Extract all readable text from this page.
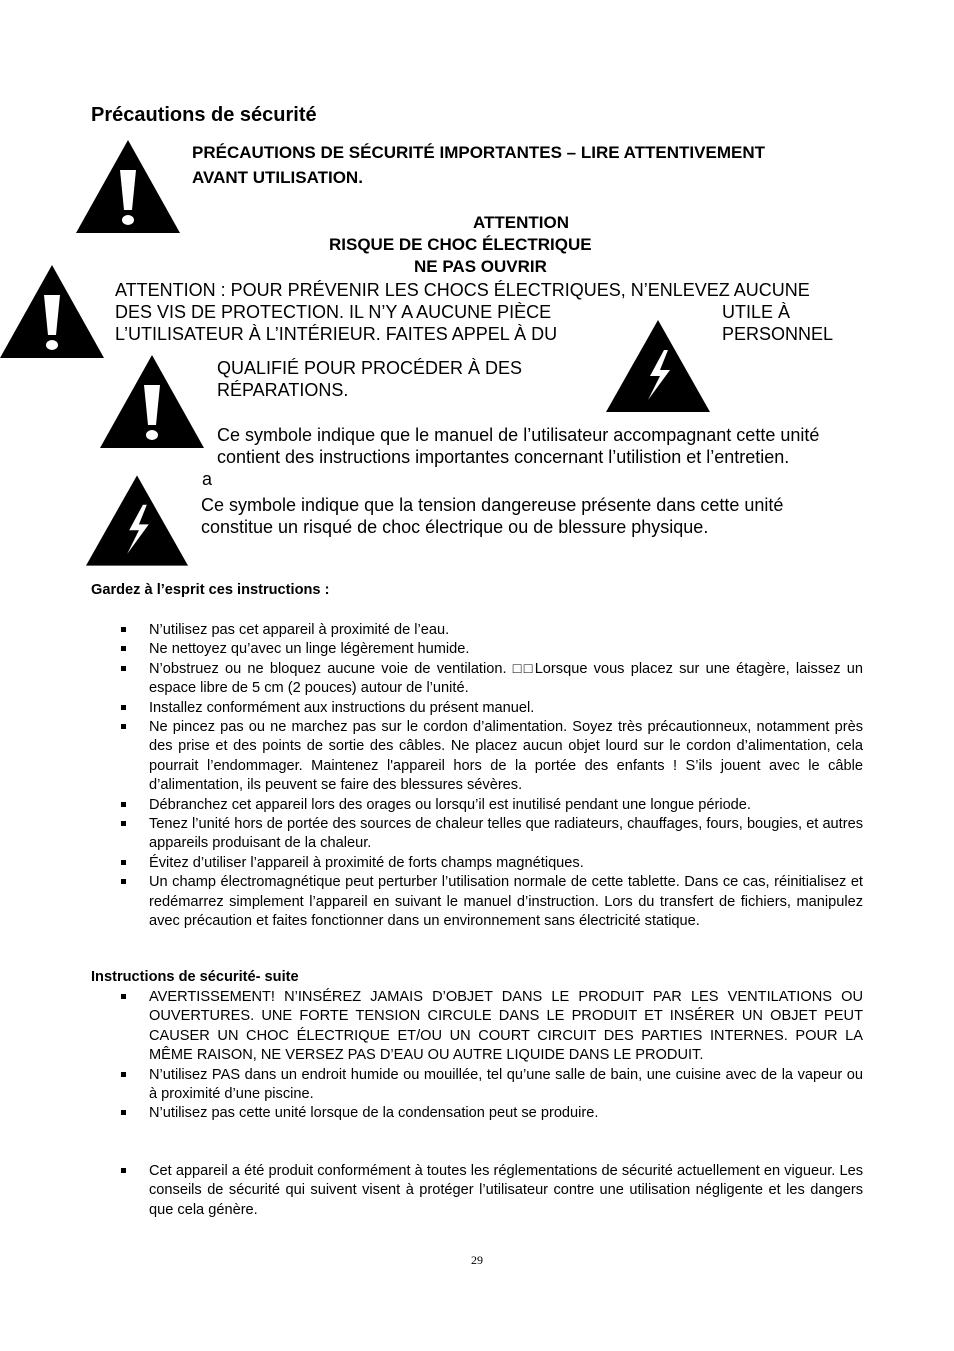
Précautions de sécurité
PRÉCAUTIONS DE SÉCURITÉ IMPORTANTES – LIRE ATTENTIVEMENT
AVANT UTILISATION.
ATTENTION
RISQUE DE CHOC ÉLECTRIQUE
NE PAS OUVRIR
ATTENTION : POUR PRÉVENIR LES CHOCS ÉLECTRIQUES, N’ENLEVEZ AUCUNE
DES VIS DE PROTECTION. IL N’Y A AUCUNE PIÈCE	UTILE À
L’UTILISATEUR À L’INTÉRIEUR. FAITES APPEL À DU	PERSONNEL
QUALIFIÉ POUR PROCÉDER À DES
RÉPARATIONS.
Ce symbole indique que le manuel de l’utilisateur accompagnant cette unité
contient des instructions importantes concernant l’utilistion et l’entretien.
a
Ce symbole indique que la tension dangereuse présente dans cette unité
constitue un risqué de choc électrique ou de blessure physique.
Gardez à l’esprit ces instructions :
N’utilisez pas cet appareil à proximité de l’eau.
Ne nettoyez qu’avec un linge légèrement humide.
N’obstruez ou ne bloquez aucune voie de ventilation. □□Lorsque vous placez sur une étagère, laissez un espace libre de 5 cm (2 pouces) autour de l’unité.
Installez conformément aux instructions du présent manuel.
Ne pincez pas ou ne marchez pas sur le cordon d’alimentation. Soyez très précautionneux, notamment près des prise et des points de sortie des câbles. Ne placez aucun objet lourd sur le cordon d’alimentation, cela pourrait l’endommager. Maintenez l'appareil hors de la portée des enfants ! S’ils jouent avec le câble d’alimentation, ils peuvent se faire des blessures sévères.
Débranchez cet appareil lors des orages ou lorsqu’il est inutilisé pendant une longue période.
Tenez l’unité hors de portée des sources de chaleur telles que radiateurs, chauffages, fours, bougies, et autres appareils produisant de la chaleur.
Évitez d’utiliser l’appareil à proximité de forts champs magnétiques.
Un champ électromagnétique peut perturber l’utilisation normale de cette tablette. Dans ce cas, réinitialisez et redémarrez simplement l’appareil en suivant le manuel d’instruction. Lors du transfert de fichiers, manipulez avec précaution et faites fonctionner dans un environnement sans électricité statique.
Instructions de sécurité- suite
AVERTISSEMENT! N’INSÉREZ JAMAIS D’OBJET DANS LE PRODUIT PAR LES VENTILATIONS OU OUVERTURES. UNE FORTE TENSION CIRCULE DANS LE PRODUIT ET INSÉRER UN OBJET PEUT CAUSER UN CHOC ÉLECTRIQUE ET/OU UN COURT CIRCUIT DES PARTIES INTERNES. POUR LA MÊME RAISON, NE VERSEZ PAS D’EAU OU AUTRE LIQUIDE DANS LE PRODUIT.
N’utilisez PAS dans un endroit humide ou mouillée, tel qu’une salle de bain, une cuisine avec de la vapeur ou à proximité d’une piscine.
N’utilisez pas cette unité lorsque de la condensation peut se produire.
Cet appareil a été produit conformément à toutes les réglementations de sécurité actuellement en vigueur. Les conseils de sécurité qui suivent visent à protéger l’utilisateur contre une utilisation négligente et les dangers que cela génère.
29
